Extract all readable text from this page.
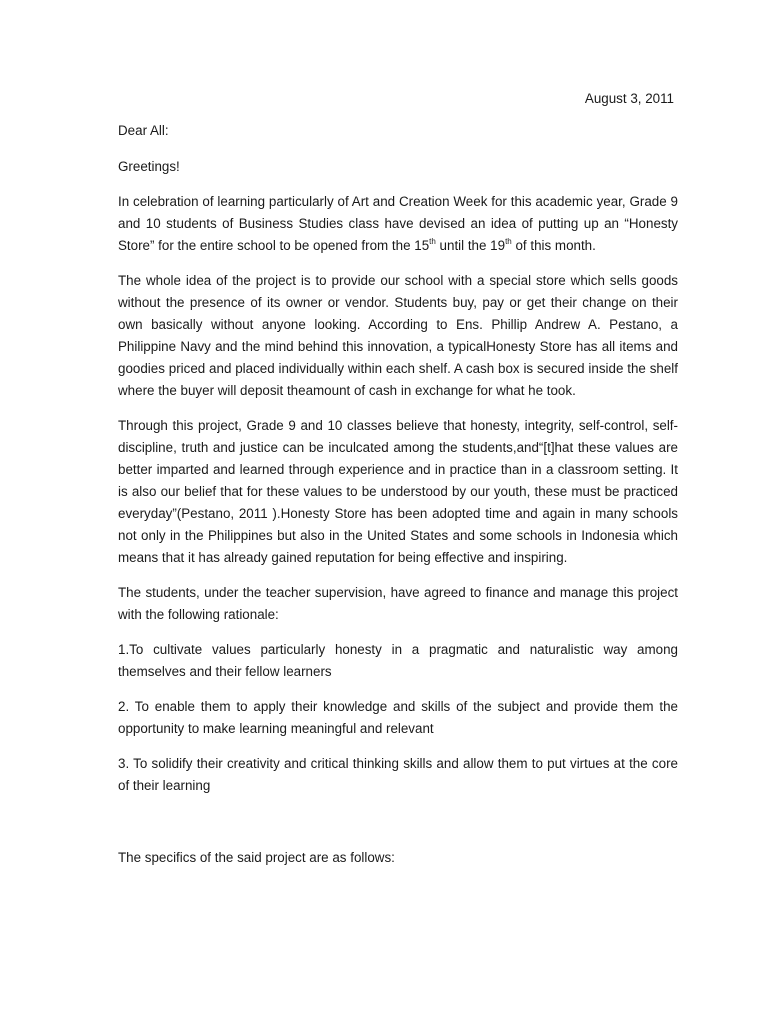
August 3, 2011

Dear All:

Greetings!

In celebration of learning particularly of Art and Creation Week for this academic year, Grade 9 and 10 students of Business Studies class have devised an idea of putting up an “Honesty Store” for the entire school to be opened from the 15th until the 19th of this month.

The whole idea of the project is to provide our school with a special store which sells goods without the presence of its owner or vendor. Students buy, pay or get their change on their own basically without anyone looking. According to Ens. Phillip Andrew A. Pestano, a Philippine Navy and the mind behind this innovation, a typicalHonesty Store has all items and goodies priced and placed individually within each shelf. A cash box is secured inside the shelf where the buyer will deposit theamount of cash in exchange for what he took.

Through this project, Grade 9 and 10 classes believe that honesty, integrity, self-control, self-discipline, truth and justice can be inculcated among the students,and“[t]hat these values are better imparted and learned through experience and in practice than in a classroom setting. It is also our belief that for these values to be understood by our youth, these must be practiced everyday”(Pestano, 2011 ).Honesty Store has been adopted time and again in many schools not only in the Philippines but also in the United States and some schools in Indonesia which means that it has already gained reputation for being effective and inspiring.

The students, under the teacher supervision, have agreed to finance and manage this project with the following rationale:

1.To cultivate values particularly honesty in a pragmatic and naturalistic way among themselves and their fellow learners

2. To enable them to apply their knowledge and skills of the subject and provide them the opportunity to make learning meaningful and relevant

3. To solidify their creativity and critical thinking skills and allow them to put virtues at the core of their learning

The specifics of the said project are as follows:
